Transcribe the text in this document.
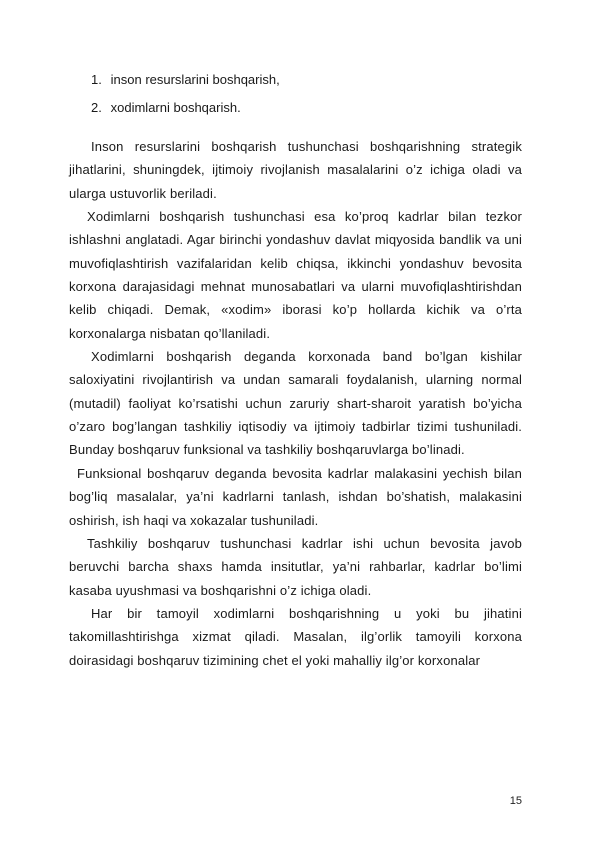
1. inson resurslarini boshqarish,
2. xodimlarni boshqarish.

Inson resurslarini boshqarish tushunchasi boshqarishning strategik jihatlarini, shuningdek, ijtimoiy rivojlanish masalalarini o’z ichiga oladi va ularga ustuvorlik beriladi.

Xodimlarni boshqarish tushunchasi esa ko’proq kadrlar bilan tezkor ishlashni anglatadi. Agar birinchi yondashuv davlat miqyosida bandlik va uni muvofiqlashtirish vazifalaridan kelib chiqsa, ikkinchi yondashuv bevosita korxona darajasidagi mehnat munosabatlari va ularni muvofiqlashtirishdan kelib chiqadi. Demak, «xodim» iborasi ko’p hollarda kichik va o’rta korxonalarga nisbatan qo’llaniladi.

Xodimlarni boshqarish deganda korxonada band bo’lgan kishilar saloxiyatini rivojlantirish va undan samarali foydalanish, ularning normal (mutadil) faoliyat ko’rsatishi uchun zaruriy shart-sharoit yaratish bo’yicha o’zaro bog’langan tashkiliy iqtisodiy va ijtimoiy tadbirlar tizimi tushuniladi. Bunday boshqaruv funksional va tashkiliy boshqaruvlarga bo’linadi.

Funksional boshqaruv deganda bevosita kadrlar malakasini yechish bilan bog’liq masalalar, ya’ni kadrlarni tanlash, ishdan bo’shatish, malakasini oshirish, ish haqi va xokazalar tushuniladi.

Tashkiliy boshqaruv tushunchasi kadrlar ishi uchun bevosita javob beruvchi barcha shaxs hamda insitutlar, ya’ni rahbarlar, kadrlar bo’limi kasaba uyushmasi va boshqarishni o’z ichiga oladi.

Har bir tamoyil xodimlarni boshqarishning u yoki bu jihatini takomillashtirishga xizmat qiladi. Masalan, ilg’orlik tamoyili korxona doirasidagi boshqaruv tizimining chet el yoki mahalliy ilg’or korxonalar

15
